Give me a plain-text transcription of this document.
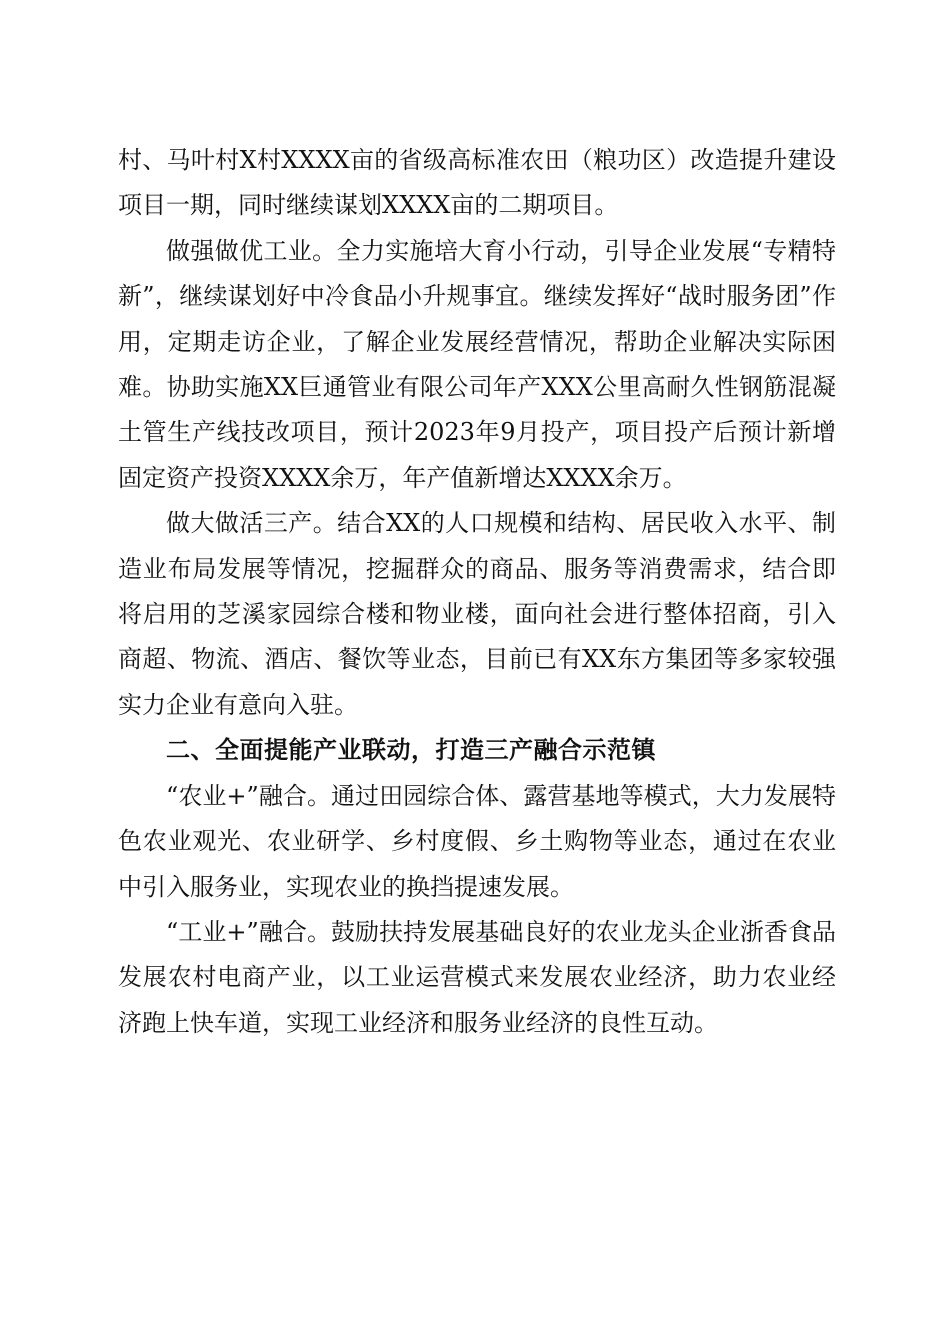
村、马叶村X村XXXX亩的省级高标准农田（粮功区）改造提升建设项目一期，同时继续谋划XXXX亩的二期项目。

做强做优工业。全力实施培大育小行动，引导企业发展“专精特新”，继续谋划好中冷食品小升规事宜。继续发挥好“战时服务团”作用，定期走访企业，了解企业发展经营情况，帮助企业解决实际困难。协助实施XX巨通管业有限公司年产XXX公里高耐久性钢筋混凝土管生产线技改项目，预计2023年9月投产，项目投产后预计新增固定资产投资XXXX余万，年产值新增达XXXX余万。

做大做活三产。结合XX的人口规模和结构、居民收入水平、制造业布局发展等情况，挖掘群众的商品、服务等消费需求，结合即将启用的芝溪家园综合楼和物业楼，面向社会进行整体招商，引入商超、物流、酒店、餐饮等业态，目前已有XX东方集团等多家较强实力企业有意向入驻。

二、全面提能产业联动，打造三产融合示范镇

“农业+”融合。通过田园综合体、露营基地等模式，大力发展特色农业观光、农业研学、乡村度假、乡土购物等业态，通过在农业中引入服务业，实现农业的换挡提速发展。

“工业+”融合。鼓励扶持发展基础良好的农业龙头企业浙香食品发展农村电商产业，以工业运营模式来发展农业经济，助力农业经济跑上快车道，实现工业经济和服务业经济的良性互动。
